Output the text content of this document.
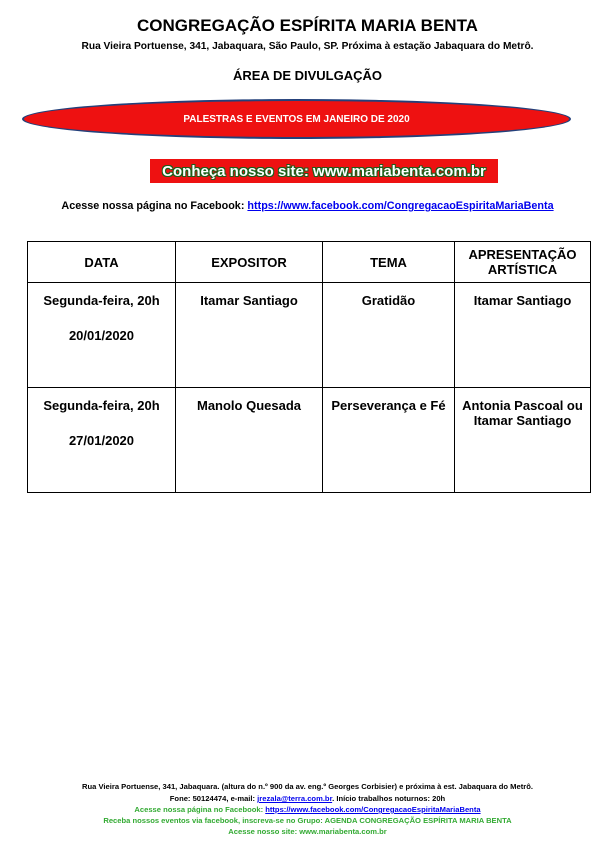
CONGREGAÇÃO ESPÍRITA MARIA BENTA
Rua Vieira Portuense, 341, Jabaquara, São Paulo, SP. Próxima à estação Jabaquara do Metrô.
ÁREA DE DIVULGAÇÃO
PALESTRAS E EVENTOS EM JANEIRO DE 2020
Conheça nosso site: www.mariabenta.com.br
Acesse nossa página no Facebook: https://www.facebook.com/CongregacaoEspiritaMariaBenta
DATA	EXPOSITOR	TEMA	APRESENTAÇÃO ARTÍSTICA

Segunda-feira, 20h
20/01/2020	Itamar Santiago	Gratidão	Itamar Santiago

Segunda-feira, 20h
27/01/2020	Manolo Quesada	Perseverança e Fé	Antonia Pascoal ou Itamar Santiago
Rua Vieira Portuense, 341, Jabaquara. (altura do n.º 900 da av. eng.º Georges Corbisier) e próxima à est. Jabaquara do Metrô.
Fone: 50124474, e-mail: jrezala@terra.com.br. Início trabalhos noturnos: 20h
Acesse nossa página no Facebook: https://www.facebook.com/CongregacaoEspiritaMariaBenta
Receba nossos eventos via facebook, inscreva-se no Grupo: AGENDA CONGREGAÇÃO ESPÍRITA MARIA BENTA
Acesse nosso site: www.mariabenta.com.br
